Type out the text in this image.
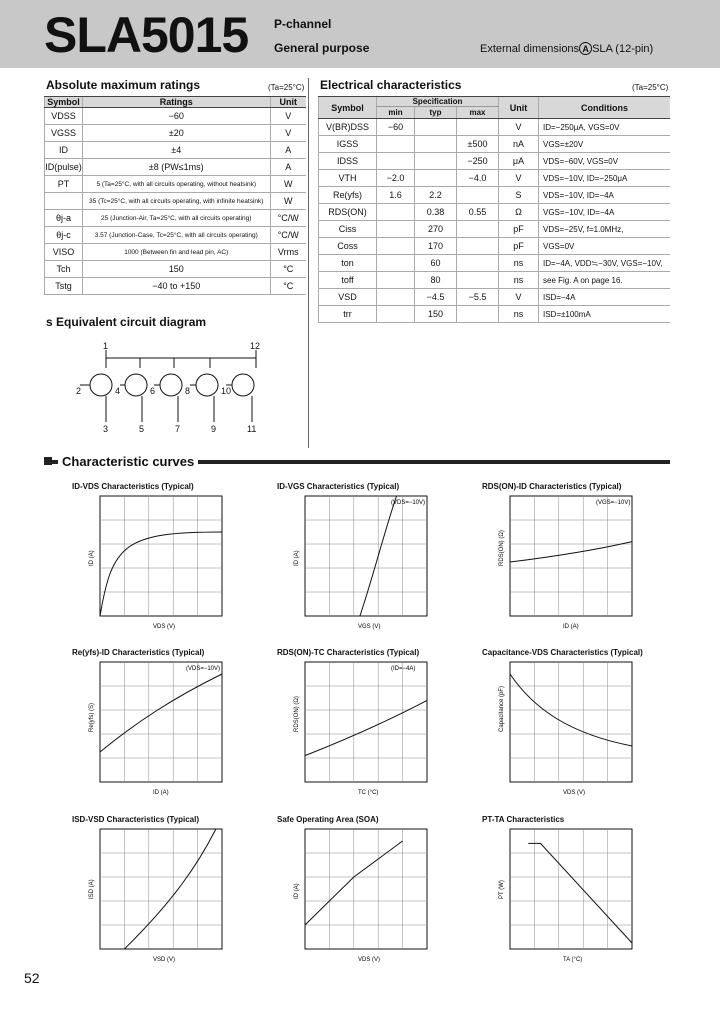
SLA5015 P-channel
General purpose	External dimensions A SLA (12-pin)
Absolute maximum ratings	(Ta=25°C)
Symbol	Ratings	Unit
VDSS	−60	V
VGSS	±20	V
ID	±4	A
ID(pulse)	±8 (PW≤1ms)	A
PT	5 (Ta=25°C, with all circuits operating, without heatsink)	W
	35 (Tc=25°C, with all circuits operating, with infinite heatsink)	W
θj-a	25 (Junction-Air, Ta=25°C, with all circuits operating)	°C/W
θj-c	3.57 (Junction-Case, Tc=25°C, with all circuits operating)	°C/W
VISO	1000 (Between fin and lead pin, AC)	Vrms
Tch	150	°C
Tstg	−40 to +150	°C
Electrical characteristics	(Ta=25°C)
Symbol	Specification			Unit	Conditions
	min	typ	max		
V(BR)DSS	−60			V	ID=−250μA, VGS=0V
IGSS			±500	nA	VGS=±20V
IDSS			−250	μA	VDS=−60V, VGS=0V
VTH	−2.0		−4.0	V	VDS=−10V, ID=−250μA
Re(yfs)	1.6	2.2		S	VDS=−10V, ID=−4A
RDS(ON)		0.38	0.55	Ω	VGS=−10V, ID=−4A
Ciss		270		pF	VDS=−25V, f=1.0MHz,
Coss		170		pF	VGS=0V
ton		60		ns	ID=−4A, VDD≒−30V, VGS=−10V,
toff		80		ns	see Fig. A on page 16.
VSD		−4.5	−5.5	V	ISD=−4A
trr		150		ns	ISD=±100mA
s Equivalent circuit diagram
1	12
2	4	6	8	10
3	5	7	9	11
Characteristic curves
ID-VDS Characteristics (Typical)
VDS (V)
ID (A)
ID-VGS Characteristics (Typical)
VGS (V)
ID (A)
(VDS=−10V)
RDS(ON)-ID Characteristics (Typical)
ID (A)
RDS(ON) (Ω)
(VGS=−10V)
Re(yfs)-ID Characteristics (Typical)
ID (A)
Re(yfs) (S)
(VDS=−10V)
RDS(ON)-TC Characteristics (Typical)
TC (°C)
RDS(ON) (Ω)
(ID=−4A)
Capacitance-VDS Characteristics (Typical)
VDS (V)
Capacitance (pF)
ISD-VSD Characteristics (Typical)
VSD (V)
ISD (A)
Safe Operating Area (SOA)
VDS (V)
ID (A)
PT-TA Characteristics
TA (°C)
PT (W)
52
